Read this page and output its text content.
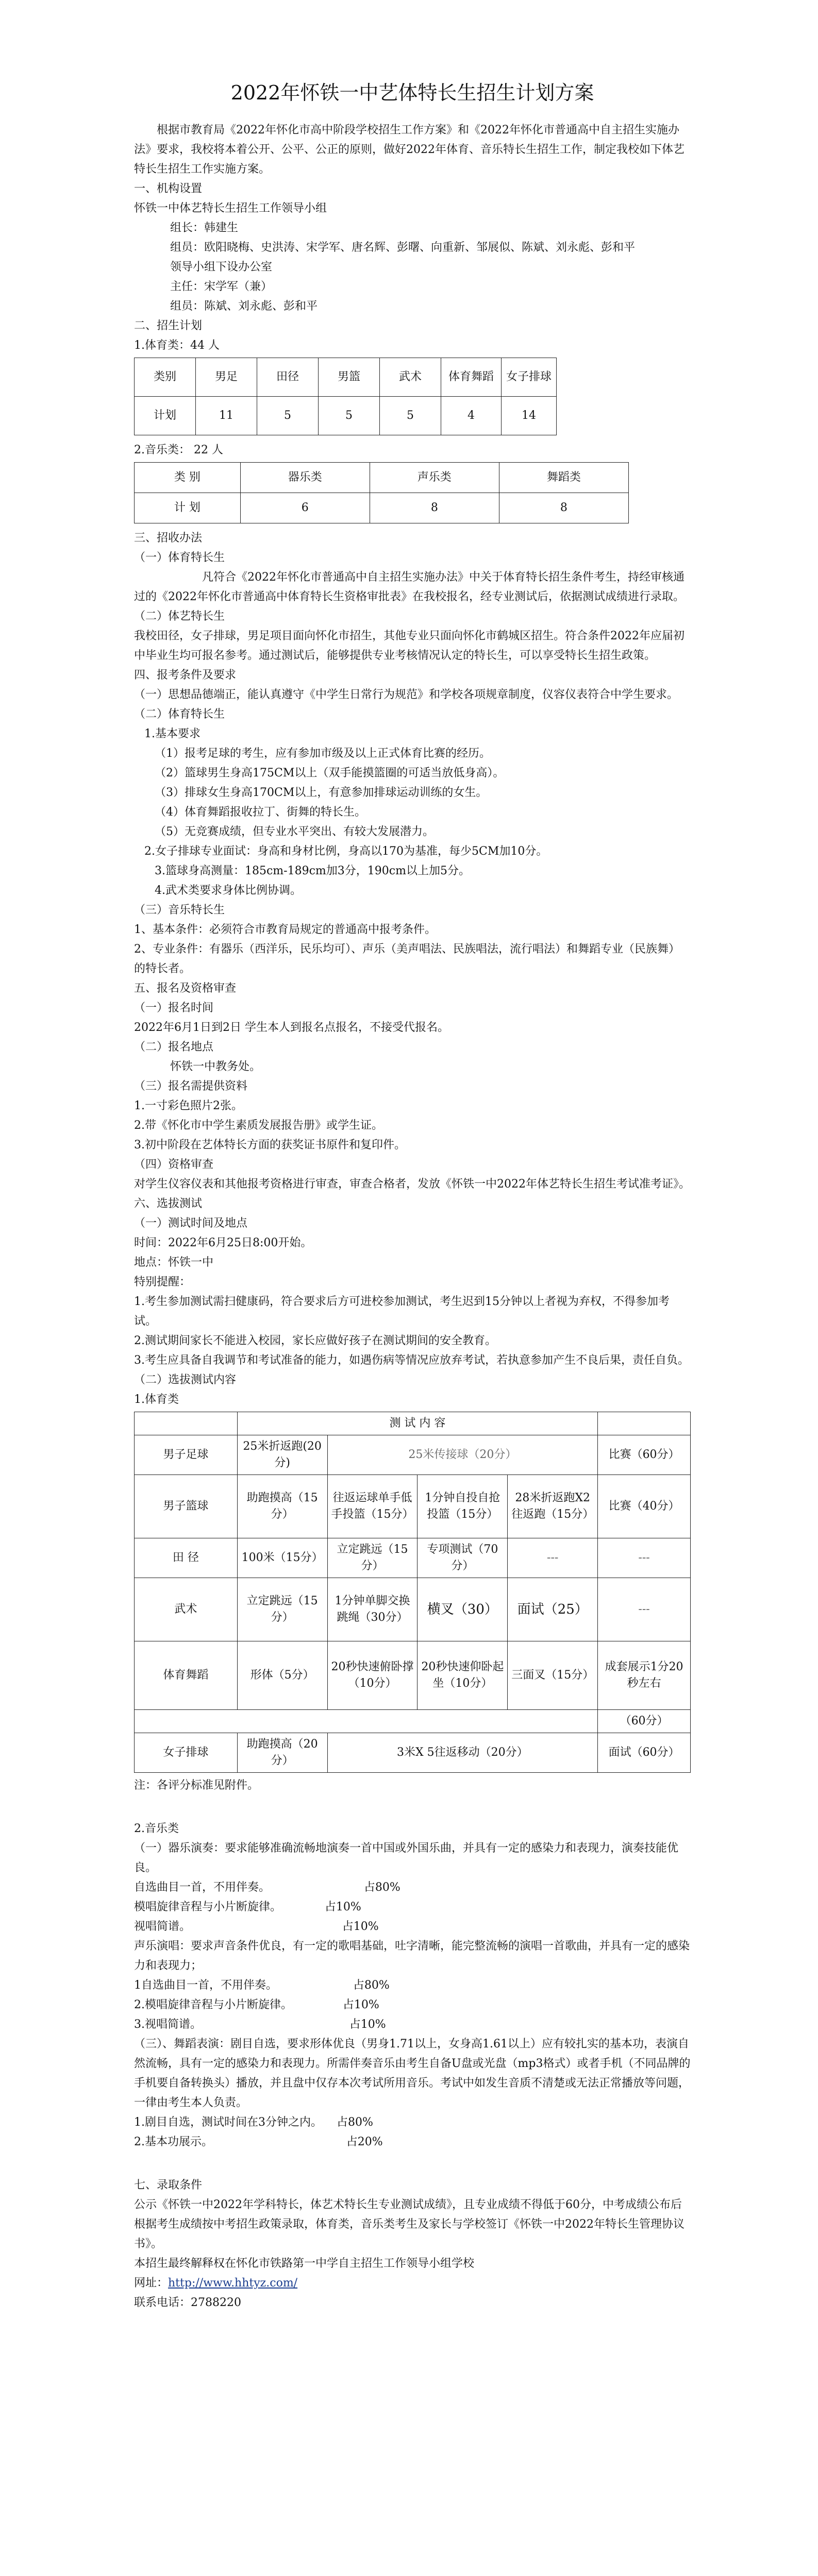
2022年怀铁一中艺体特长生招生计划方案

根据市教育局《2022年怀化市高中阶段学校招生工作方案》和《2022年怀化市普通高中自主招生实施办法》要求，我校将本着公开、公平、公正的原则，做好2022年体育、音乐特长生招生工作，制定我校如下体艺特长生招生工作实施方案。

一、机构设置

怀铁一中体艺特长生招生工作领导小组

组长：韩建生

组员：欧阳晓梅、史洪涛、宋学军、唐名辉、彭曙、向重新、邹展似、陈斌、刘永彪、彭和平

领导小组下设办公室

主任：宋学军（兼）

组员：陈斌、刘永彪、彭和平

二、招生计划

1.体育类：44 人

类别	男足	田径	男篮	武术	体育舞蹈	女子排球
计划	11	5	5	5	4	14

2.音乐类： 22 人

类 别	器乐类	声乐类	舞蹈类
计 划	6	8	8

三、招收办法

（一）体育特长生

凡符合《2022年怀化市普通高中自主招生实施办法》中关于体育特长招生条件考生，持经审核通过的《2022年怀化市普通高中体育特长生资格审批表》在我校报名，经专业测试后，依据测试成绩进行录取。

（二）体艺特长生

我校田径，女子排球，男足项目面向怀化市招生，其他专业只面向怀化市鹤城区招生。符合条件2022年应届初中毕业生均可报名参考。通过测试后，能够提供专业考核情况认定的特长生，可以享受特长生招生政策。

四、报考条件及要求

（一）思想品德端正，能认真遵守《中学生日常行为规范》和学校各项规章制度，仪容仪表符合中学生要求。

（二）体育特长生

1.基本要求

（1）报考足球的考生，应有参加市级及以上正式体育比赛的经历。

（2）篮球男生身高175CM以上（双手能摸篮圈的可适当放低身高）。

（3）排球女生身高170CM以上，有意参加排球运动训练的女生。

（4）体育舞蹈报收拉丁、街舞的特长生。

（5）无竞赛成绩，但专业水平突出、有较大发展潜力。

2.女子排球专业面试：身高和身材比例，身高以170为基准，每少5CM加10分。

3.篮球身高测量：185cm-189cm加3分，190cm以上加5分。

4.武术类要求身体比例协调。

（三）音乐特长生

1、基本条件：必须符合市教育局规定的普通高中报考条件。

2、专业条件：有器乐（西洋乐，民乐均可）、声乐（美声唱法、民族唱法，流行唱法）和舞蹈专业（民族舞）的特长者。

五、报名及资格审查

（一）报名时间

2022年6月1日到2日 学生本人到报名点报名，不接受代报名。

（二）报名地点

怀铁一中教务处。

（三）报名需提供资料

1.一寸彩色照片2张。

2.带《怀化市中学生素质发展报告册》或学生证。

3.初中阶段在艺体特长方面的获奖证书原件和复印件。

（四）资格审查

对学生仪容仪表和其他报考资格进行审查，审查合格者，发放《怀铁一中2022年体艺特长生招生考试准考证》。

六、选拔测试

（一）测试时间及地点

时间：2022年6月25日8:00开始。

地点：怀铁一中

特别提醒：

1.考生参加测试需扫健康码，符合要求后方可进校参加测试，考生迟到15分钟以上者视为弃权，不得参加考试。

2.测试期间家长不能进入校园，家长应做好孩子在测试期间的安全教育。

3.考生应具备自我调节和考试准备的能力，如遇伤病等情况应放弃考试，若执意参加产生不良后果，责任自负。

（二）选拔测试内容

1.体育类

	测 试 内 容				
男子足球	25米折返跑(20分)	25米传接球（20分）			比赛（60分）
男子篮球	助跑摸高（15分）	往返运球单手低手投篮（15分）	1分钟自投自抢投篮（15分）	28米折返跑X2往返跑（15分）	比赛（40分）
田 径	100米（15分）	立定跳远（15分）	专项测试（70分）	---	---
武术	立定跳远（15分）	1分钟单脚交换跳绳（30分）	横叉（30）	面试（25）	---
体育舞蹈	形体（5分）	20秒快速俯卧撑（10分）	20秒快速仰卧起坐（10分）	三面叉（15分）	成套展示1分20秒左右
					（60分）
女子排球	助跑摸高（20分）	3米X 5往返移动（20分）			面试（60分）

注：各评分标准见附件。

2.音乐类

（一）器乐演奏：要求能够准确流畅地演奏一首中国或外国乐曲，并具有一定的感染力和表现力，演奏技能优良。

自选曲目一首，不用伴奏。                          占80%

模唱旋律音程与小片断旋律。            占10%

视唱简谱。                                          占10%

声乐演唱：要求声音条件优良，有一定的歌唱基础，吐字清晰，能完整流畅的演唱一首歌曲，并具有一定的感染力和表现力；

1自选曲目一首，不用伴奏。                     占80%

2.模唱旋律音程与小片断旋律。              占10%

3.视唱简谱。                                         占10%

（三）、舞蹈表演：剧目自选，要求形体优良（男身1.71以上，女身高1.61以上）应有较扎实的基本功，表演自然流畅，具有一定的感染力和表现力。所需伴奏音乐由考生自备U盘或光盘（mp3格式）或者手机（不同品牌的手机要自备转换头）播放，并且盘中仅存本次考试所用音乐。考试中如发生音质不清楚或无法正常播放等问题，一律由考生本人负责。

1.剧目自选，测试时间在3分钟之内。    占80%

2.基本功展示。                                     占20%

七、录取条件

公示《怀铁一中2022年学科特长，体艺术特长生专业测试成绩》，且专业成绩不得低于60分，中考成绩公布后根据考生成绩按中考招生政策录取，体育类，音乐类考生及家长与学校签订《怀铁一中2022年特长生管理协议书》。

本招生最终解释权在怀化市铁路第一中学自主招生工作领导小组学校

网址：http://www.hhtyz.com/

联系电话：2788220
